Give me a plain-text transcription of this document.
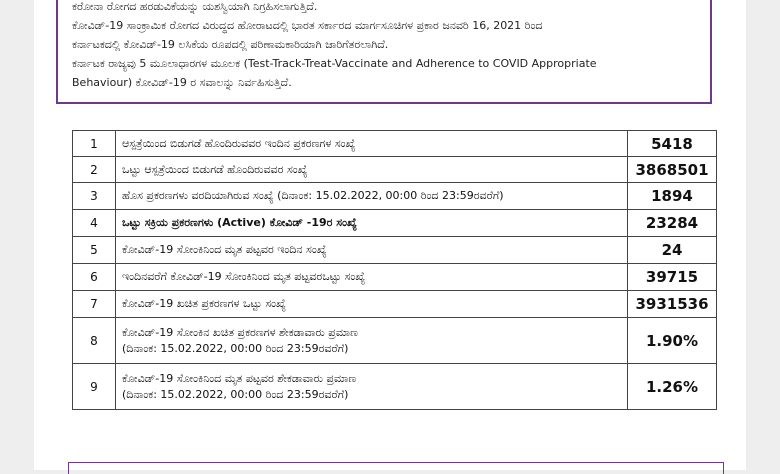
ಕರೋನಾ ರೋಗದ ಹರಡುವಿಕೆಯನ್ನು ಯಶಸ್ವಿಯಾಗಿ ನಿಗ್ರಹಿಸಲಾಗುತ್ತಿದೆ.

ಕೋವಿಡ್-19 ಸಾಂಕ್ರಾಮಿಕ ರೋಗದ ವಿರುದ್ಧದ ಹೋರಾಟದಲ್ಲಿ ಭಾರತ ಸರ್ಕಾರದ ಮಾರ್ಗಸೂಚಿಗಳ ಪ್ರಕಾರ ಜನವರಿ 16, 2021 ರಿಂದ

ಕರ್ನಾಟಕದಲ್ಲಿ ಕೋವಿಡ್-19 ಲಸಿಕೆಯ ರೂಪದಲ್ಲಿ ಪರಿಣಾಮಕಾರಿಯಾಗಿ ಜಾರಿಗೆತರಲಾಗಿದೆ.

ಕರ್ನಾಟಕ ರಾಜ್ಯವು 5 ಮೂಲಾಧಾರಗಳ ಮೂಲಕ (Test-Track-Treat-Vaccinate and Adherence to COVID Appropriate

Behaviour) ಕೋವಿಡ್-19 ರ ಸವಾಲನ್ನು ನಿರ್ವಹಿಸುತ್ತಿದೆ.

1	ಆಸ್ಪತ್ರೆಯಿಂದ ಬಿಡುಗಡೆ ಹೊಂದಿರುವವರ ಇಂದಿನ ಪ್ರಕರಣಗಳ ಸಂಖ್ಯೆ	5418
2	ಒಟ್ಟು ಆಸ್ಪತ್ರೆಯಿಂದ ಬಿಡುಗಡೆ ಹೊಂದಿರುವವರ ಸಂಖ್ಯೆ	3868501
3	ಹೊಸ ಪ್ರಕರಣಗಳು ವರದಿಯಾಗಿರುವ ಸಂಖ್ಯೆ (ದಿನಾಂಕ: 15.02.2022, 00:00 ರಿಂದ 23:59ರವರೆಗೆ)	1894
4	ಒಟ್ಟು ಸಕ್ರಿಯ ಪ್ರಕರಣಗಳು (Active) ಕೋವಿಡ್ -19ರ ಸಂಖ್ಯೆ	23284
5	ಕೋವಿಡ್-19 ಸೋಂಕಿನಿಂದ ಮೃತ ಪಟ್ಟವರ ಇಂದಿನ ಸಂಖ್ಯೆ	24
6	ಇಂದಿನವರೆಗೆ ಕೋವಿಡ್-19 ಸೋಂಕಿನಿಂದ ಮೃತ ಪಟ್ಟವರಒಟ್ಟು ಸಂಖ್ಯೆ	39715
7	ಕೋವಿಡ್-19 ಖಚಿತ ಪ್ರಕರಣಗಳ ಒಟ್ಟು ಸಂಖ್ಯೆ	3931536
8	ಕೋವಿಡ್-19 ಸೋಂಕಿನ ಖಚಿತ ಪ್ರಕರಣಗಳ ಶೇಕಡಾವಾರು ಪ್ರಮಾಣ
(ದಿನಾಂಕ: 15.02.2022, 00:00 ರಿಂದ 23:59ರವರೆಗೆ)	1.90%
9	ಕೋವಿಡ್-19 ಸೋಂಕಿನಿಂದ ಮೃತ ಪಟ್ಟವರ ಶೇಕಡಾವಾರು ಪ್ರಮಾಣ
(ದಿನಾಂಕ: 15.02.2022, 00:00 ರಿಂದ 23:59ರವರೆಗೆ)	1.26%
